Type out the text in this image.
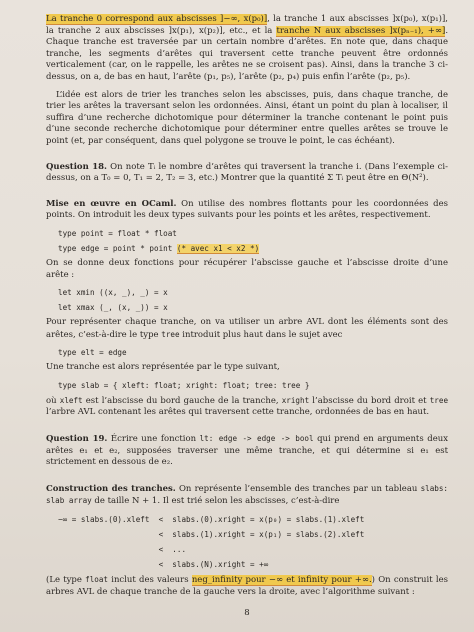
La tranche 0 correspond aux abscisses ]−∞, x(p₀)], la tranche 1 aux abscisses ]x(p₀), x(p₁)], la tranche 2 aux abscisses ]x(p₁), x(p₂)], etc., et la tranche N aux abscisses ]x(pₙ₋₁), +∞]. Chaque tranche est traversée par un certain nombre d’arêtes. En note que, dans chaque tranche, les segments d’arêtes qui traversent cette tranche peuvent être ordonnés verticalement (car, on le rappelle, les arêtes ne se croisent pas). Ainsi, dans la tranche 3 ci-dessus, on a, de bas en haut, l’arête (p₁, p₅), l’arête (p₂, p₄) puis enfin l’arête (p₂, p₅).

L’idée est alors de trier les tranches selon les abscisses, puis, dans chaque tranche, de trier les arêtes la traversant selon les ordonnées. Ainsi, étant un point du plan à localiser, il suffira d’une recherche dichotomique pour déterminer la tranche contenant le point puis d’une seconde recherche dichotomique pour déterminer entre quelles arêtes se trouve le point (et, par conséquent, dans quel polygone se trouve le point, le cas échéant).

Question 18. On note Tᵢ le nombre d’arêtes qui traversent la tranche i. (Dans l’exemple ci-dessus, on a T₀ = 0, T₁ = 2, T₂ = 3, etc.) Montrer que la quantité Σ Tᵢ peut être en Θ(N²).

Mise en œuvre en OCaml. On utilise des nombres flottants pour les coordonnées des points. On introduit les deux types suivants pour les points et les arêtes, respectivement.

type point = float * float
type edge = point * point (* avec x1 < x2 *)

On se donne deux fonctions pour récupérer l’abscisse gauche et l’abscisse droite d’une arête :

let xmin ((x, _), _) = x
let xmax (_, (x, _)) = x

Pour représenter chaque tranche, on va utiliser un arbre AVL dont les éléments sont des arêtes, c’est-à-dire le type tree introduit plus haut dans le sujet avec

type elt = edge

Une tranche est alors représentée par le type suivant,

type slab = { xleft: float; xright: float; tree: tree }

où xleft est l’abscisse du bord gauche de la tranche, xright l’abscisse du bord droit et tree l’arbre AVL contenant les arêtes qui traversent cette tranche, ordonnées de bas en haut.

Question 19. Écrire une fonction lt: edge -> edge -> bool qui prend en arguments deux arêtes e₁ et e₂, supposées traverser une même tranche, et qui détermine si e₁ est strictement en dessous de e₂.

Construction des tranches. On représente l’ensemble des tranches par un tableau slabs: slab array de taille N + 1. Il est trié selon les abscisses, c’est-à-dire

−∞ = slabs.(0).xleft  <  slabs.(0).xright = x(p₀) = slabs.(1).xleft
<  slabs.(1).xright = x(p₁) = slabs.(2).xleft
<  ...
<  slabs.(N).xright = +∞

(Le type float inclut des valeurs neg_infinity pour −∞ et infinity pour +∞.) On construit les arbres AVL de chaque tranche de la gauche vers la droite, avec l’algorithme suivant :

8
